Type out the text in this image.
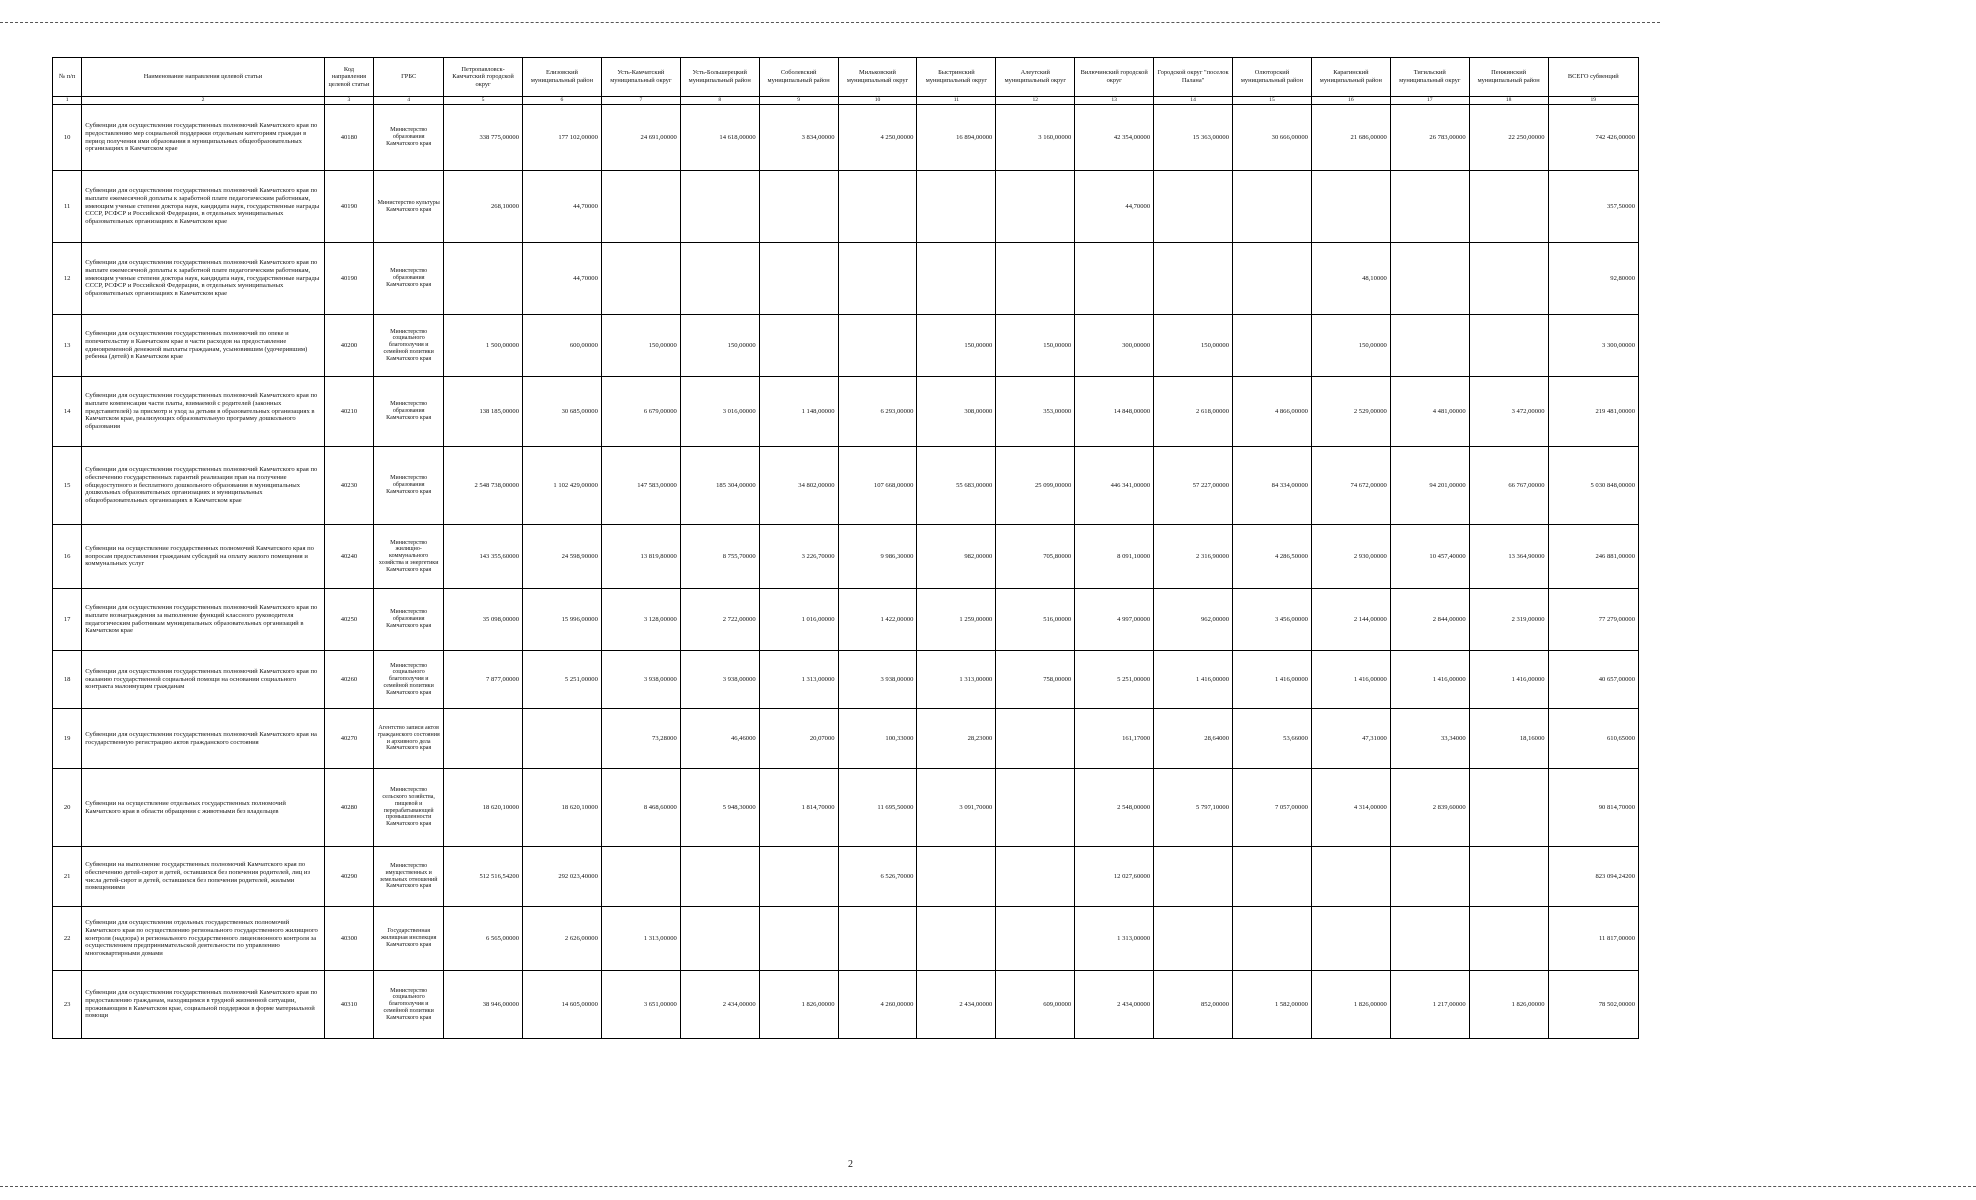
№ п/п	Наименование направления целевой статьи	Код направления целевой статьи	ГРБС	Петропавловск-Камчатский городской округ	Елизовский муниципальный район	Усть-Камчатский муниципальный округ	Усть-Большерецкий муниципальный район	Соболевский муниципальный район	Мильковский муниципальный округ	Быстринский муниципальный округ	Алеутский муниципальный округ	Вилючинский городской округ	Городской округ "поселок Палана"	Олюторский муниципальный район	Карагинский муниципальный район	Тигильский муниципальный округ	Пенжинский муниципальный район	ВСЕГО субвенций
1	2	3	4	5	6	7	8	9	10	11	12	13	14	15	16	17	18	19
10	Субвенции для осуществления государственных полномочий Камчатского края по предоставлению мер социальной поддержки отдельным категориям граждан в период получения ими образования в муниципальных общеобразовательных организациях в Камчатском крае	40180	Министерство образования Камчатского края	338 775,00000	177 102,00000	24 691,00000	14 618,00000	3 834,00000	4 250,00000	16 894,00000	3 160,00000	42 354,00000	15 363,00000	30 666,00000	21 686,00000	26 783,00000	22 250,00000	742 426,00000
11	Субвенции для осуществления государственных полномочий Камчатского края по выплате ежемесячной доплаты к заработной плате педагогическим работникам, имеющим ученые степени доктора наук, кандидата наук, государственные награды СССР, РСФСР и Российской Федерации, в отдельных муниципальных образовательных организациях в Камчатском крае	40190	Министерство культуры Камчатского края	268,10000	44,70000							44,70000						357,50000
12	Субвенции для осуществления государственных полномочий Камчатского края по выплате ежемесячной доплаты к заработной плате педагогическим работникам, имеющим ученые степени доктора наук, кандидата наук, государственные награды СССР, РСФСР и Российской Федерации, в отдельных муниципальных образовательных организациях в Камчатском крае	40190	Министерство образования Камчатского края		44,70000										48,10000			92,80000
13	Субвенции для осуществления государственных полномочий по опеке и попечительству в Камчатском крае в части расходов на предоставление единовременной денежной выплаты гражданам, усыновившим (удочерившим) ребенка (детей) в Камчатском крае	40200	Министерство социального благополучия и семейной политики Камчатского края	1 500,00000	600,00000	150,00000	150,00000			150,00000	150,00000	300,00000	150,00000		150,00000			3 300,00000
14	Субвенции для осуществления государственных полномочий Камчатского края по выплате компенсации части платы, взимаемой с родителей (законных представителей) за присмотр и уход за детьми в образовательных организациях в Камчатском крае, реализующих образовательную программу дошкольного образования	40210	Министерство образования Камчатского края	138 185,00000	30 685,00000	6 679,00000	3 016,00000	1 148,00000	6 293,00000	308,00000	353,00000	14 848,00000	2 618,00000	4 866,00000	2 529,00000	4 481,00000	3 472,00000	219 481,00000
15	Субвенции для осуществления государственных полномочий Камчатского края по обеспечению государственных гарантий реализации прав на получение общедоступного и бесплатного дошкольного образования в муниципальных дошкольных образовательных организациях и муниципальных общеобразовательных организациях в Камчатском крае	40230	Министерство образования Камчатского края	2 548 738,00000	1 102 429,00000	147 583,00000	185 304,00000	34 802,00000	107 668,00000	55 683,00000	25 099,00000	446 341,00000	57 227,00000	84 334,00000	74 672,00000	94 201,00000	66 767,00000	5 030 848,00000
16	Субвенции на осуществление государственных полномочий Камчатского края по вопросам предоставления гражданам субсидий на оплату жилого помещения и коммунальных услуг	40240	Министерство жилищно-коммунального хозяйства и энергетики Камчатского края	143 355,60000	24 598,90000	13 819,80000	8 755,70000	3 226,70000	9 986,30000	982,00000	705,80000	8 091,10000	2 316,90000	4 286,50000	2 930,00000	10 457,40000	13 364,90000	246 881,00000
17	Субвенции для осуществления государственных полномочий Камчатского края по выплате вознаграждения за выполнение функций классного руководителя педагогическим работникам муниципальных образовательных организаций в Камчатском крае	40250	Министерство образования Камчатского края	35 098,00000	15 996,00000	3 128,00000	2 722,00000	1 016,00000	1 422,00000	1 259,00000	516,00000	4 997,00000	962,00000	3 456,00000	2 144,00000	2 844,00000	2 319,00000	77 279,00000
18	Субвенции для осуществления государственных полномочий Камчатского края по оказанию государственной социальной помощи на основании социального контракта малоимущим гражданам	40260	Министерство социального благополучия и семейной политики Камчатского края	7 877,00000	5 251,00000	3 938,00000	3 938,00000	1 313,00000	3 938,00000	1 313,00000	758,00000	5 251,00000	1 416,00000	1 416,00000	1 416,00000	1 416,00000	1 416,00000	40 657,00000
19	Субвенции для осуществления государственных полномочий Камчатского края на государственную регистрацию актов гражданского состояния	40270	Агентство записи актов гражданского состояния и архивного дела Камчатского края			73,28000	46,46000	20,07000	100,33000	28,23000		161,17000	28,64000	53,66000	47,31000	33,34000	18,16000	610,65000
20	Субвенции на осуществление отдельных государственных полномочий Камчатского края в области обращения с животными без владельцев	40280	Министерство сельского хозяйства, пищевой и перерабатывающей промышленности Камчатского края	18 620,10000	18 620,10000	8 468,60000	5 948,30000	1 814,70000	11 695,50000	3 091,70000		2 548,00000	5 797,10000	7 057,00000	4 314,00000	2 839,60000		90 814,70000
21	Субвенции на выполнение государственных полномочий Камчатского края по обеспечению детей-сирот и детей, оставшихся без попечения родителей, лиц из числа детей-сирот и детей, оставшихся без попечения родителей, жилыми помещениями	40290	Министерство имущественных и земельных отношений Камчатского края	512 516,54200	292 023,40000				6 526,70000			12 027,60000						823 094,24200
22	Субвенции для осуществления отдельных государственных полномочий Камчатского края по осуществлению регионального государственного жилищного контроля (надзора) и регионального государственного лицензионного контроля за осуществлением предпринимательской деятельности по управлению многоквартирными домами	40300	Государственная жилищная инспекция Камчатского края	6 565,00000	2 626,00000	1 313,00000						1 313,00000						11 817,00000
23	Субвенции для осуществления государственных полномочий Камчатского края по предоставлению гражданам, находящимся в трудной жизненной ситуации, проживающим в Камчатском крае, социальной поддержки в форме материальной помощи	40310	Министерство социального благополучия и семейной политики Камчатского края	38 946,00000	14 605,00000	3 651,00000	2 434,00000	1 826,00000	4 260,00000	2 434,00000	609,00000	2 434,00000	852,00000	1 582,00000	1 826,00000	1 217,00000	1 826,00000	78 502,00000
2
